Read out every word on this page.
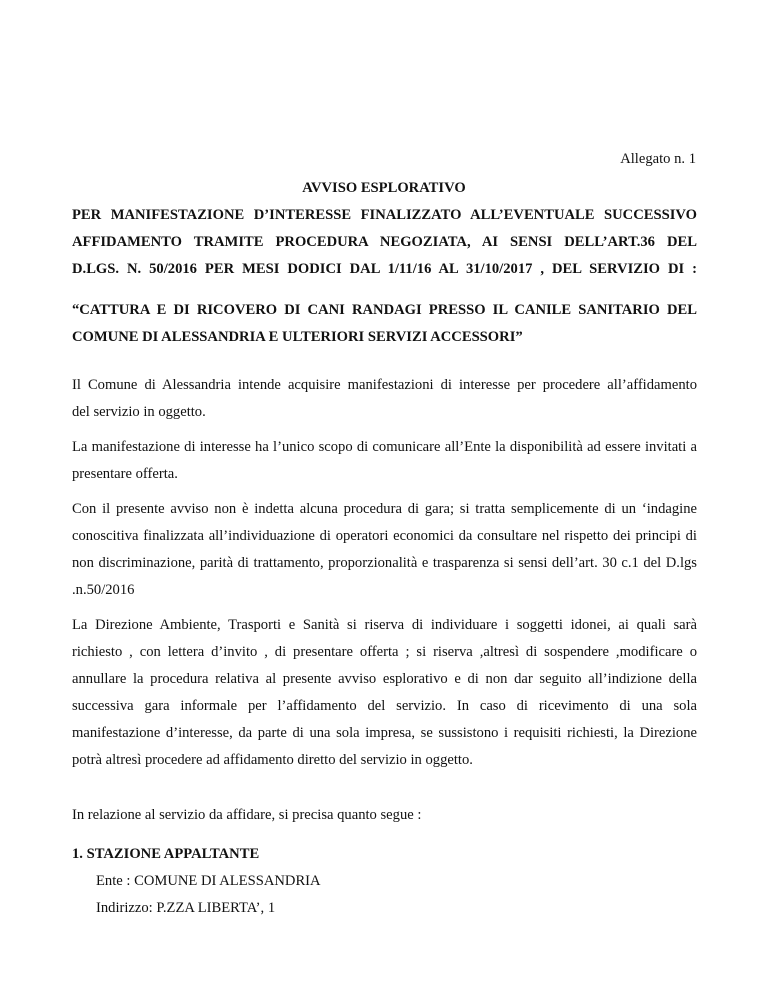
Allegato n. 1
AVVISO ESPLORATIVO
PER MANIFESTAZIONE D’INTERESSE FINALIZZATO ALL’EVENTUALE SUCCESSIVO
AFFIDAMENTO TRAMITE PROCEDURA NEGOZIATA, AI SENSI DELL’ART.36 DEL
D.LGS. N. 50/2016 PER MESI DODICI DAL 1/11/16 AL 31/10/2017 , DEL SERVIZIO DI :
“CATTURA E DI RICOVERO DI CANI RANDAGI PRESSO IL CANILE SANITARIO DEL
COMUNE DI ALESSANDRIA E ULTERIORI SERVIZI ACCESSORI”
Il Comune di Alessandria intende acquisire manifestazioni di interesse per procedere all’affidamento
del servizio in oggetto.
La manifestazione di interesse ha l’unico scopo di comunicare all’Ente la disponibilità ad essere invitati a
presentare offerta.
Con il presente avviso non è indetta alcuna procedura di gara; si tratta semplicemente di un ‘indagine
conoscitiva finalizzata all’individuazione di operatori economici da consultare nel rispetto dei principi di
non discriminazione, parità di trattamento, proporzionalità e trasparenza si sensi dell’art. 30 c.1 del D.lgs
.n.50/2016
La Direzione Ambiente, Trasporti e Sanità si riserva di individuare i soggetti idonei, ai quali sarà
richiesto , con lettera d’invito , di presentare offerta ; si riserva ,altresì di sospendere ,modificare o
annullare la procedura relativa al presente avviso esplorativo e di non dar seguito all’indizione della
successiva gara informale per l’affidamento del servizio. In caso di ricevimento di una sola
manifestazione d’interesse, da parte di una sola impresa, se sussistono i requisiti richiesti, la Direzione
potrà altresì procedere ad affidamento diretto del servizio in oggetto.
In relazione al servizio da affidare, si precisa quanto segue :
1. STAZIONE APPALTANTE
Ente : COMUNE DI ALESSANDRIA
Indirizzo: P.ZZA LIBERTA’, 1
